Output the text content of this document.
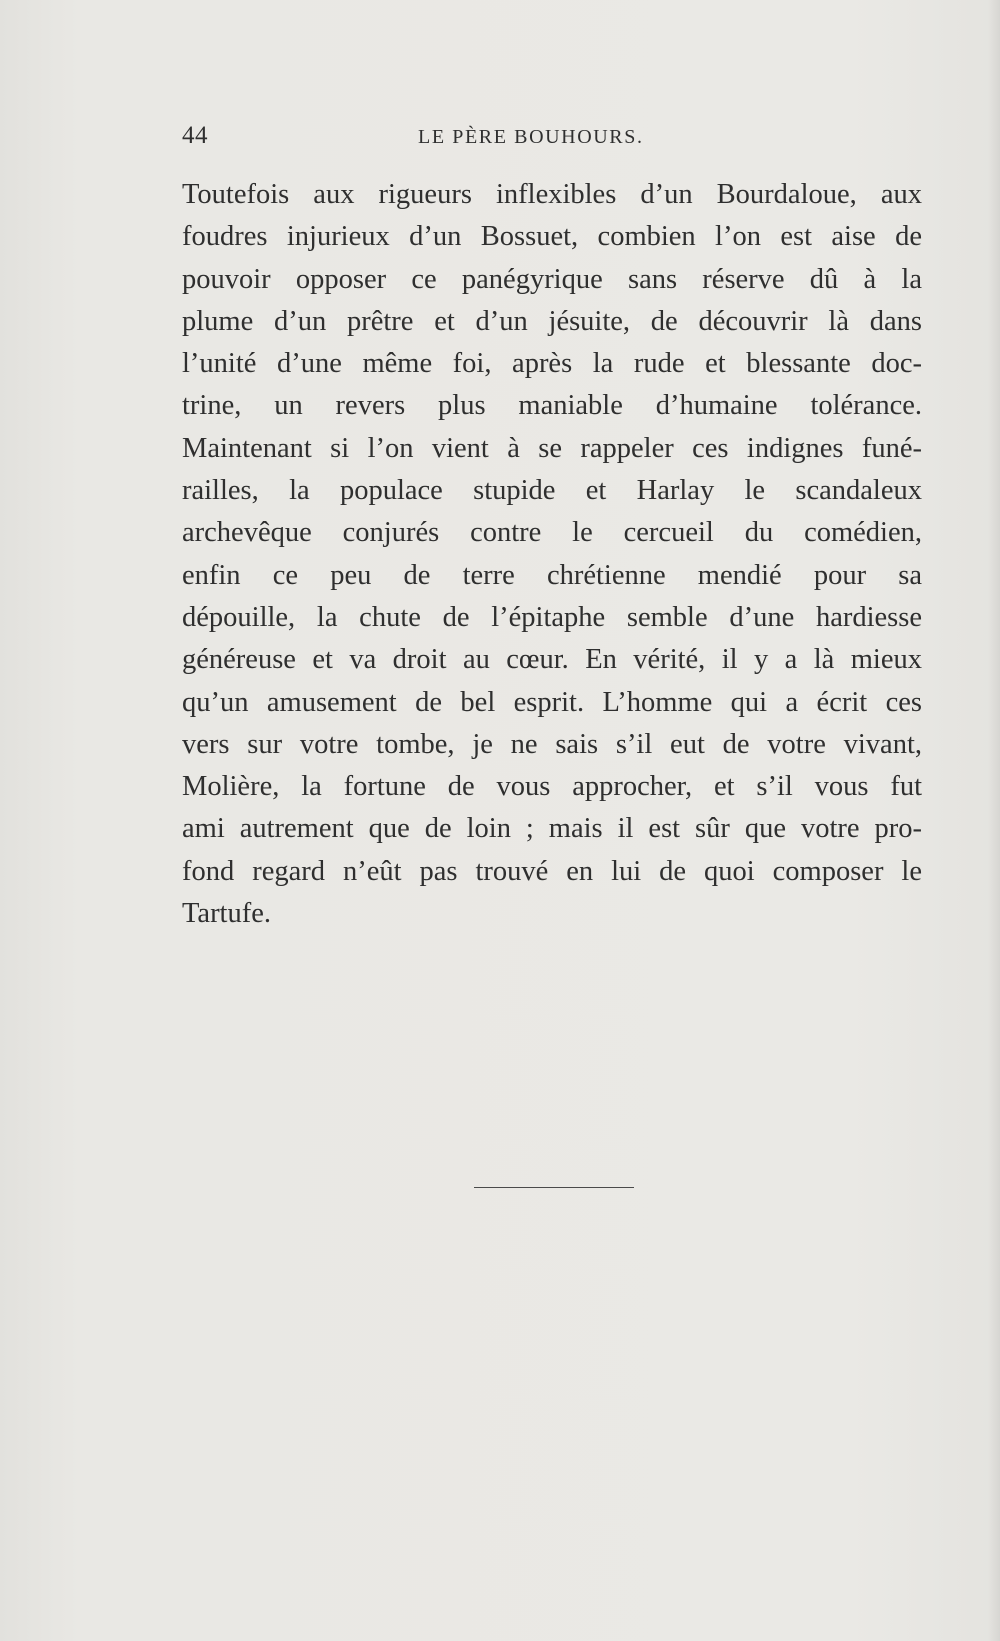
44	LE PÈRE BOUHOURS.
Toutefois aux rigueurs inflexibles d’un Bourdaloue, aux
foudres injurieux d’un Bossuet, combien l’on est aise de
pouvoir opposer ce panégyrique sans réserve dû à la
plume d’un prêtre et d’un jésuite, de découvrir là dans
l’unité d’une même foi, après la rude et blessante doc-
trine, un revers plus maniable d’humaine tolérance.
Maintenant si l’on vient à se rappeler ces indignes funé-
railles, la populace stupide et Harlay le scandaleux
archevêque conjurés contre le cercueil du comédien,
enfin ce peu de terre chrétienne mendié pour sa
dépouille, la chute de l’épitaphe semble d’une hardiesse
généreuse et va droit au cœur. En vérité, il y a là mieux
qu’un amusement de bel esprit. L’homme qui a écrit ces
vers sur votre tombe, je ne sais s’il eut de votre vivant,
Molière, la fortune de vous approcher, et s’il vous fut
ami autrement que de loin ; mais il est sûr que votre pro-
fond regard n’eût pas trouvé en lui de quoi composer le
Tartufe.
